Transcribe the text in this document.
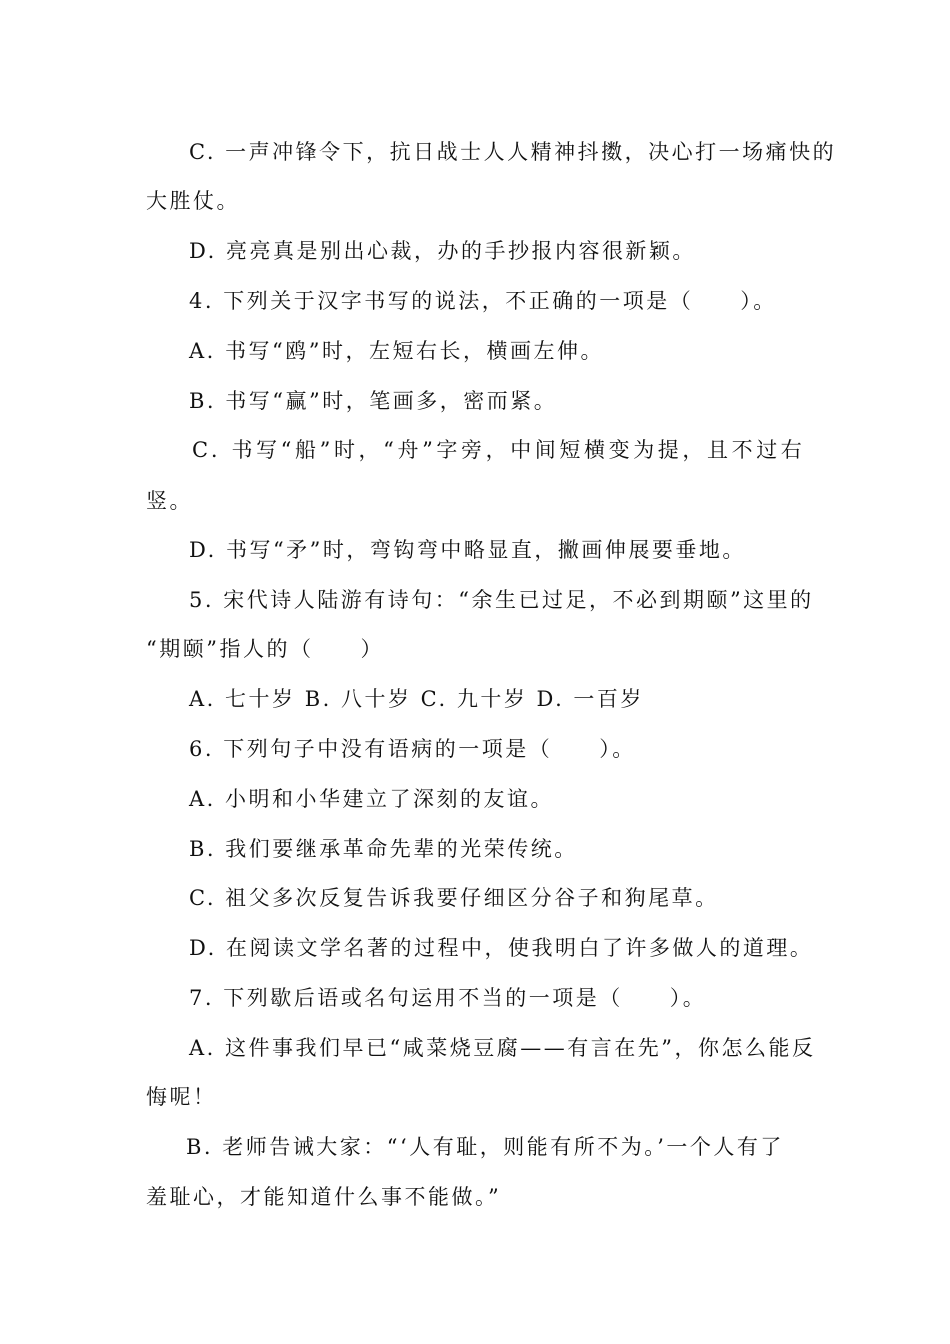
C. 一声冲锋令下，抗日战士人人精神抖擞，决心打一场痛快的
大胜仗。
D. 亮亮真是别出心裁，办的手抄报内容很新颖。
4. 下列关于汉字书写的说法，不正确的一项是（　　）。
A. 书写“鸥”时，左短右长，横画左伸。
B. 书写“赢”时，笔画多，密而紧。
C. 书写“船”时，“舟”字旁，中间短横变为提，且不过右
竖。
D. 书写“矛”时，弯钩弯中略显直，撇画伸展要垂地。
5. 宋代诗人陆游有诗句：“余生已过足，不必到期颐”这里的
“期颐”指人的（　　）
A. 七十岁 B. 八十岁 C. 九十岁 D. 一百岁
6. 下列句子中没有语病的一项是（　　）。
A. 小明和小华建立了深刻的友谊。
B. 我们要继承革命先辈的光荣传统。
C. 祖父多次反复告诉我要仔细区分谷子和狗尾草。
D. 在阅读文学名著的过程中，使我明白了许多做人的道理。
7. 下列歇后语或名句运用不当的一项是（　　）。
A. 这件事我们早已“咸菜烧豆腐——有言在先”，你怎么能反
悔呢！
B. 老师告诫大家：“‘人有耻，则能有所不为。’一个人有了
羞耻心，才能知道什么事不能做。”
